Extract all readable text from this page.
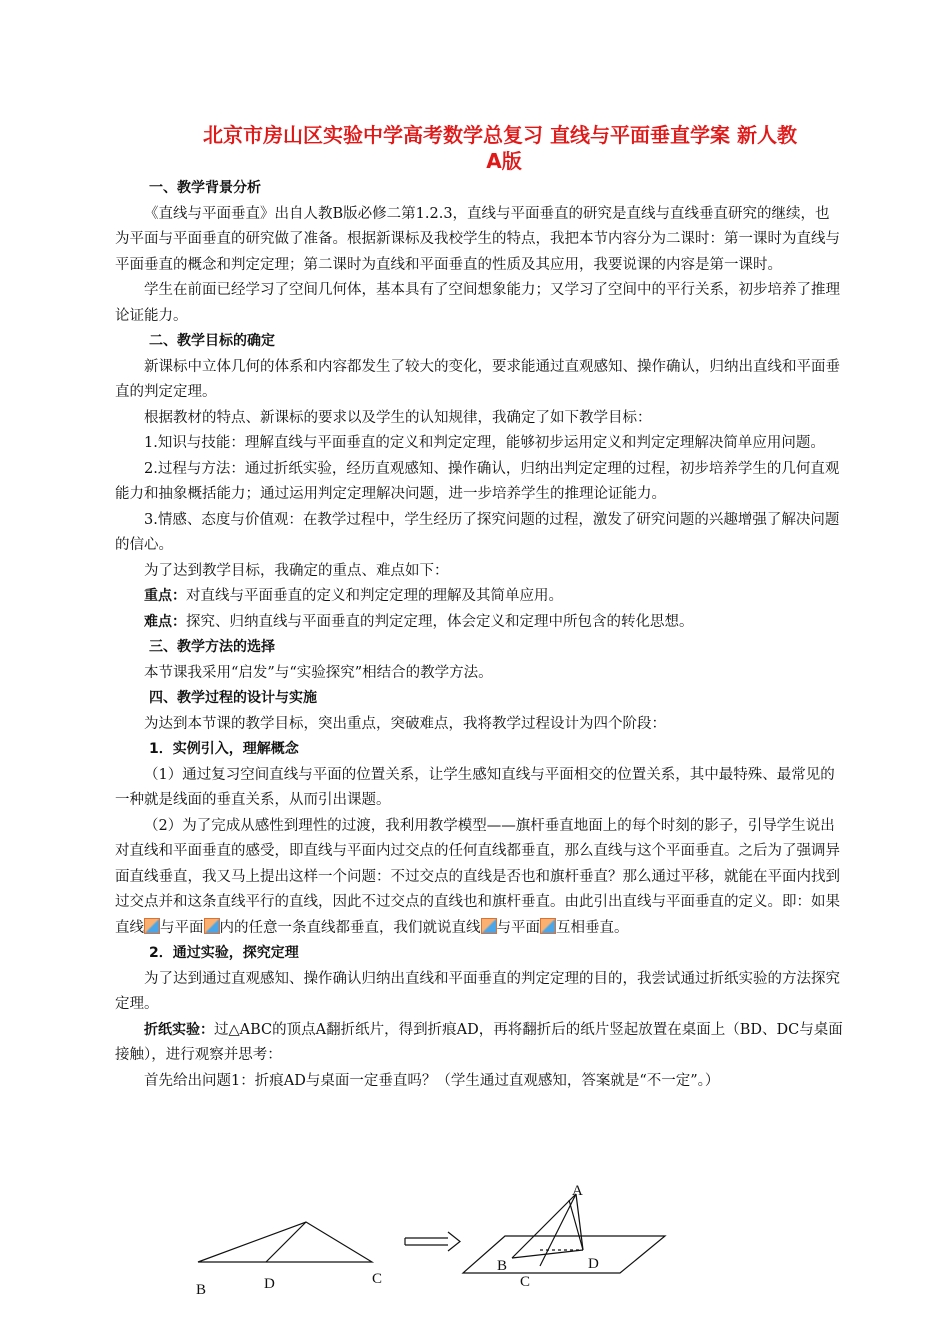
北京市房山区实验中学高考数学总复习 直线与平面垂直学案 新人教
A版

一、教学背景分析

《直线与平面垂直》出自人教B版必修二第1.2.3，直线与平面垂直的研究是直线与直线垂直研究的继续，也为平面与平面垂直的研究做了准备。根据新课标及我校学生的特点，我把本节内容分为二课时：第一课时为直线与平面垂直的概念和判定定理；第二课时为直线和平面垂直的性质及其应用，我要说课的内容是第一课时。

学生在前面已经学习了空间几何体，基本具有了空间想象能力；又学习了空间中的平行关系，初步培养了推理论证能力。

二、教学目标的确定

新课标中立体几何的体系和内容都发生了较大的变化，要求能通过直观感知、操作确认，归纳出直线和平面垂直的判定定理。

根据教材的特点、新课标的要求以及学生的认知规律，我确定了如下教学目标：

1.知识与技能：理解直线与平面垂直的定义和判定定理，能够初步运用定义和判定定理解决简单应用问题。

2.过程与方法：通过折纸实验，经历直观感知、操作确认，归纳出判定定理的过程，初步培养学生的几何直观能力和抽象概括能力；通过运用判定定理解决问题，进一步培养学生的推理论证能力。

3.情感、态度与价值观：在教学过程中，学生经历了探究问题的过程，激发了研究问题的兴趣增强了解决问题的信心。

为了达到教学目标，我确定的重点、难点如下：

重点：对直线与平面垂直的定义和判定定理的理解及其简单应用。

难点：探究、归纳直线与平面垂直的判定定理，体会定义和定理中所包含的转化思想。

三、教学方法的选择

本节课我采用“启发”与“实验探究”相结合的教学方法。

四、教学过程的设计与实施

为达到本节课的教学目标，突出重点，突破难点，我将教学过程设计为四个阶段：

1．实例引入，理解概念

（1）通过复习空间直线与平面的位置关系，让学生感知直线与平面相交的位置关系，其中最特殊、最常见的一种就是线面的垂直关系，从而引出课题。

（2）为了完成从感性到理性的过渡，我利用教学模型——旗杆垂直地面上的每个时刻的影子，引导学生说出对直线和平面垂直的感受，即直线与平面内过交点的任何直线都垂直，那么直线与这个平面垂直。之后为了强调异面直线垂直，我又马上提出这样一个问题：不过交点的直线是否也和旗杆垂直？那么通过平移，就能在平面内找到过交点并和这条直线平行的直线，因此不过交点的直线也和旗杆垂直。由此引出直线与平面垂直的定义。即：如果直线 与平面 内的任意一条直线都垂直，我们就说直线 与平面 互相垂直。

2．通过实验，探究定理

为了达到通过直观感知、操作确认归纳出直线和平面垂直的判定定理的目的，我尝试通过折纸实验的方法探究定理。

折纸实验：过△ABC的顶点A翻折纸片，得到折痕AD，再将翻折后的纸片竖起放置在桌面上（BD、DC与桌面接触），进行观察并思考：

首先给出问题1：折痕AD与桌面一定垂直吗？（学生通过直观感知，答案就是“不一定”。）

B	D	C
A
B	D
C
